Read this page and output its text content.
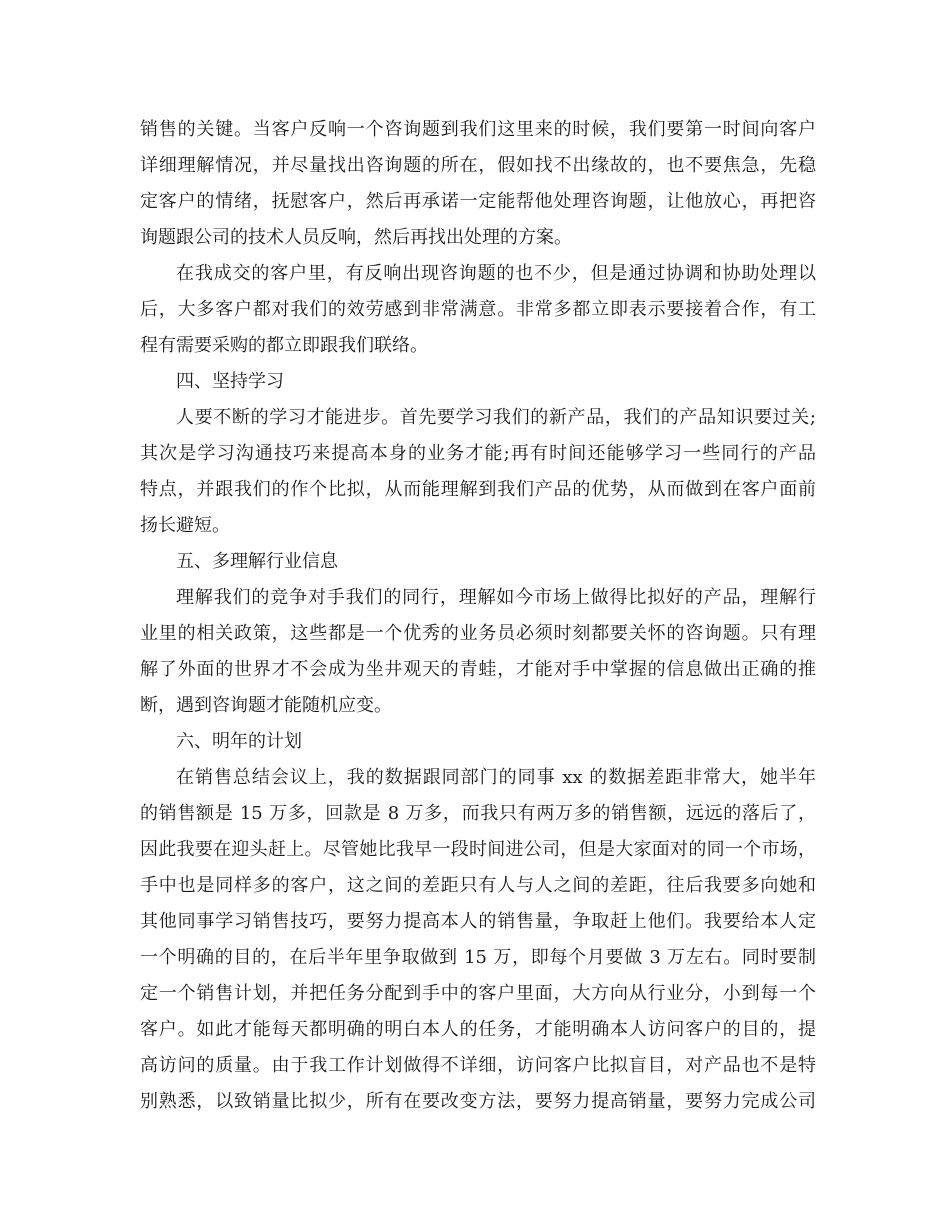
销售的关键。当客户反响一个咨询题到我们这里来的时候，我们要第一时间向客户
详细理解情况，并尽量找出咨询题的所在，假如找不出缘故的，也不要焦急，先稳
定客户的情绪，抚慰客户，然后再承诺一定能帮他处理咨询题，让他放心，再把咨
询题跟公司的技术人员反响，然后再找出处理的方案。
在我成交的客户里，有反响出现咨询题的也不少，但是通过协调和协助处理以
后，大多客户都对我们的效劳感到非常满意。非常多都立即表示要接着合作，有工
程有需要采购的都立即跟我们联络。
四、坚持学习
人要不断的学习才能进步。首先要学习我们的新产品，我们的产品知识要过关;
其次是学习沟通技巧来提高本身的业务才能;再有时间还能够学习一些同行的产品
特点，并跟我们的作个比拟，从而能理解到我们产品的优势，从而做到在客户面前
扬长避短。
五、多理解行业信息
理解我们的竞争对手我们的同行，理解如今市场上做得比拟好的产品，理解行
业里的相关政策，这些都是一个优秀的业务员必须时刻都要关怀的咨询题。只有理
解了外面的世界才不会成为坐井观天的青蛙，才能对手中掌握的信息做出正确的推
断，遇到咨询题才能随机应变。
六、明年的计划
在销售总结会议上，我的数据跟同部门的同事 xx 的数据差距非常大，她半年
的销售额是 15 万多，回款是 8 万多，而我只有两万多的销售额，远远的落后了，
因此我要在迎头赶上。尽管她比我早一段时间进公司，但是大家面对的同一个市场，
手中也是同样多的客户，这之间的差距只有人与人之间的差距，往后我要多向她和
其他同事学习销售技巧，要努力提高本人的销售量，争取赶上他们。我要给本人定
一个明确的目的，在后半年里争取做到 15 万，即每个月要做 3 万左右。同时要制
定一个销售计划，并把任务分配到手中的客户里面，大方向从行业分，小到每一个
客户。如此才能每天都明确的明白本人的任务，才能明确本人访问客户的目的，提
高访问的质量。由于我工作计划做得不详细，访问客户比拟盲目，对产品也不是特
别熟悉，以致销量比拟少，所有在要改变方法，要努力提高销量，要努力完成公司
